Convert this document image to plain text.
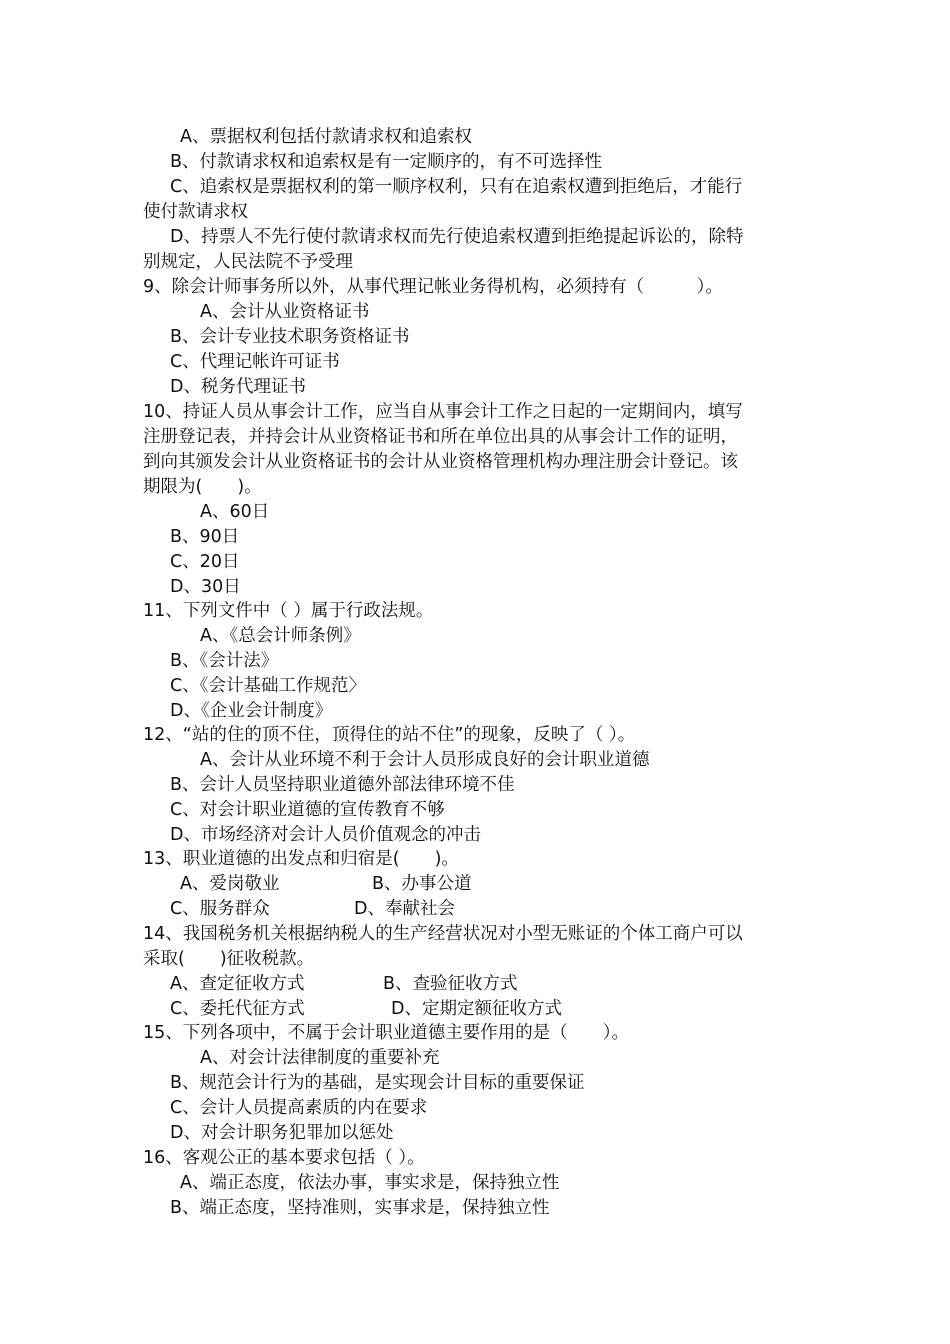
A、票据权利包括付款请求权和追索权
B、付款请求权和追索权是有一定顺序的，有不可选择性
C、追索权是票据权利的第一顺序权利，只有在追索权遭到拒绝后，才能行
使付款请求权
D、持票人不先行使付款请求权而先行使追索权遭到拒绝提起诉讼的，除特
别规定，人民法院不予受理
9、除会计师事务所以外，从事代理记帐业务得机构，必须持有（　　　）。
A、会计从业资格证书
B、会计专业技术职务资格证书
C、代理记帐许可证书
D、税务代理证书
10、持证人员从事会计工作，应当自从事会计工作之日起的一定期间内，填写
注册登记表，并持会计从业资格证书和所在单位出具的从事会计工作的证明，
到向其颁发会计从业资格证书的会计从业资格管理机构办理注册会计登记。该
期限为(　　)。
A、60日
B、90日
C、20日
D、30日
11、下列文件中（ ）属于行政法规。
A、《总会计师条例》
B、《会计法》
C、《会计基础工作规范〉
D、《企业会计制度》
12、“站的住的顶不住，顶得住的站不住”的现象，反映了（ ）。
A、会计从业环境不利于会计人员形成良好的会计职业道德
B、会计人员坚持职业道德外部法律环境不佳
C、对会计职业道德的宣传教育不够
D、市场经济对会计人员价值观念的冲击
13、职业道德的出发点和归宿是(　　)。
A、爱岗敬业	B、办事公道
C、服务群众	D、奉献社会
14、我国税务机关根据纳税人的生产经营状况对小型无账证的个体工商户可以
采取(　　)征收税款。
A、查定征收方式	B、查验征收方式
C、委托代征方式	D、定期定额征收方式
15、下列各项中，不属于会计职业道德主要作用的是（　　）。
A、对会计法律制度的重要补充
B、规范会计行为的基础，是实现会计目标的重要保证
C、会计人员提高素质的内在要求
D、对会计职务犯罪加以惩处
16、客观公正的基本要求包括（ ）。
A、端正态度，依法办事，事实求是，保持独立性
B、端正态度，坚持准则，实事求是，保持独立性
